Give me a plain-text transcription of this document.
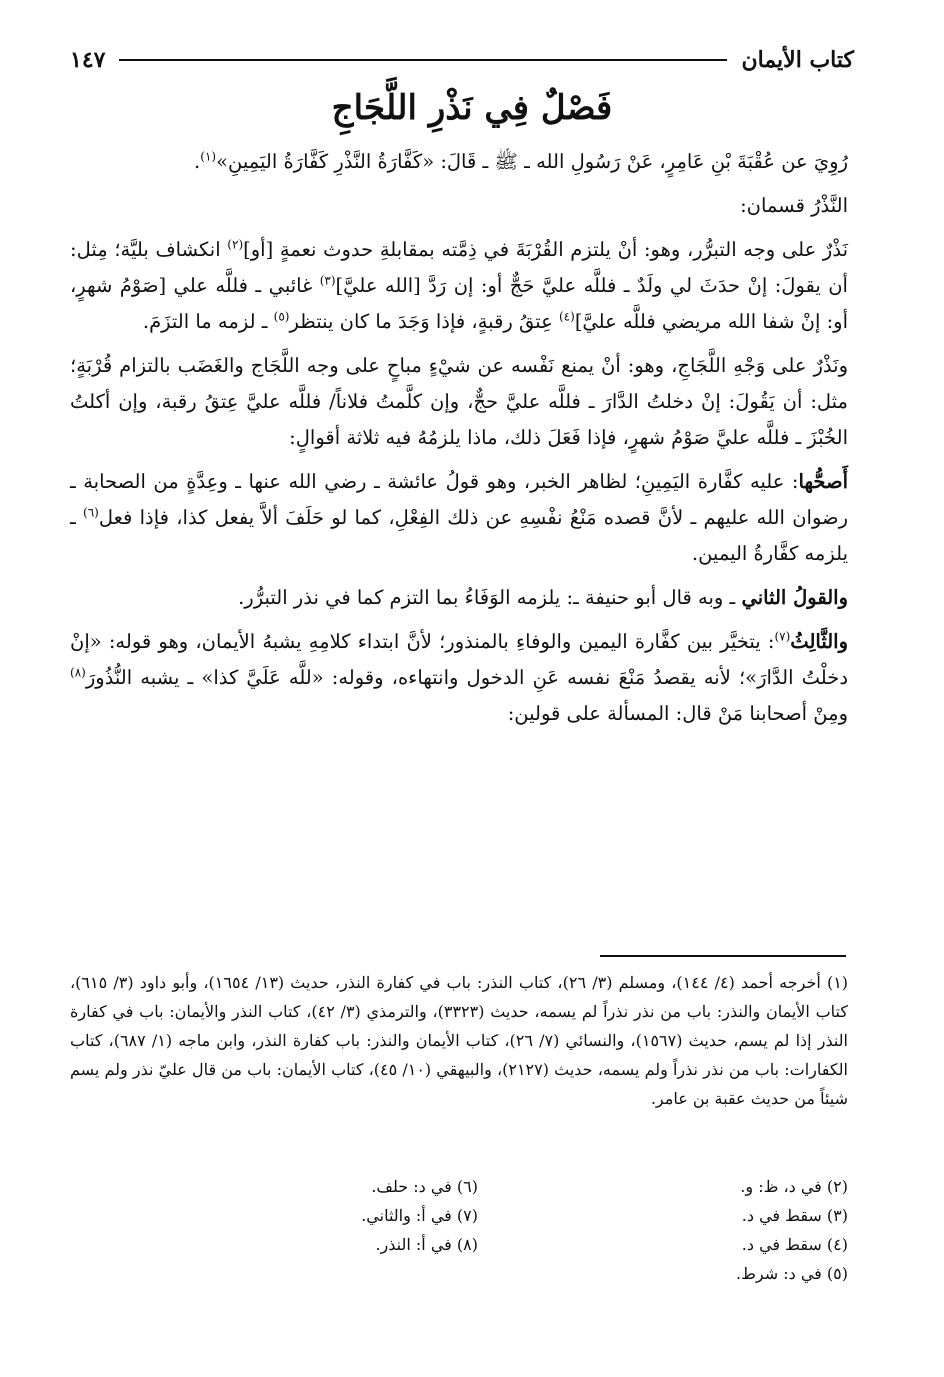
كتاب الأيمان
١٤٧
فَصْلٌ فِي نَذْرِ اللَّجَاجِ

رُوِيَ عن عُقْبَةَ بْنِ عَامِرٍ، عَنْ رَسُولِ الله ـ ﷺ ـ قَالَ: «كَفَّارَةُ النَّذْرِ كَفَّارَةُ اليَمِينِ»$^{(١)}$.

النَّذْرُ قسمان:

نَذْرٌ على وجه التبرُّر، وهو: أنْ يلتزم القُرْبَةَ في ذِمَّته بمقابلةِ حدوث نعمةٍ [أو]$^{(٢)}$ انكشاف بليَّة؛ مِثل: أن يقولَ: إنْ حدَثَ لي ولَدٌ ـ فللَّه عليَّ حَجٌّ أو: إن رَدَّ [الله عليَّ]$^{(٣)}$ غائبي ـ فللَّه علي [صَوْمُ شهرٍ، أو: إنْ شفا الله مريضي فللَّه عليَّ]$^{(٤)}$ عِتقُ رقبةٍ، فإذا وَجَدَ ما كان ينتظر$^{(٥)}$ ـ لزمه ما التزَمَ.

ونَذْرٌ على وَجْهِ اللَّجَاجِ، وهو: أنْ يمنع نَفْسه عن شيْءٍ مباحٍ على وجه اللَّجَاج والغَضَب بالتزام قُرْبَةٍ؛ مثل: أن يَقُولَ: إنْ دخلتُ الدَّارَ ـ فللَّه عليَّ حجٌّ، وإن كلَّمتُ فلاناً/ فللَّه عليَّ عِتقُ رقبة، وإن أكلتُ الخُبْزَ ـ فللَّه عليَّ صَوْمُ شهرٍ، فإذا فَعَلَ ذلك، ماذا يلزمُهُ فيه ثلاثة أقوالٍ:

أَصحُّها: عليه كفَّارة اليَمِينِ؛ لظاهر الخبر، وهو قولُ عائشة ـ رضي الله عنها ـ وعِدَّةٍ من الصحابة ـ رضوان الله عليهم ـ لأنَّ قصده مَنْعُ نفْسِهِ عن ذلك الفِعْلِ، كما لو حَلَفَ ألاَّ يفعل كذا، فإذا فعل$^{(٦)}$ ـ يلزمه كفَّارةُ اليمين.

والقولُ الثاني ـ وبه قال أبو حنيفة ـ: يلزمه الوَفَاءُ بما التزم كما في نذر التبرُّر.

والثَّالِثُ$^{(٧)}$: يتخيَّر بين كفَّارة اليمين والوفاءِ بالمنذور؛ لأنَّ ابتداء كلامِهِ يشبهُ الأيمان، وهو قوله: «إنْ دخلْتُ الدَّارَ»؛ لأنه يقصدُ مَنْعَ نفسه عَنِ الدخول وانتهاءه، وقوله: «للَّه عَلَيَّ كذا» ـ يشبه النُّذُورَ$^{(٨)}$ ومِنْ أصحابنا مَنْ قال: المسألة على قولين:

(١) أخرجه أحمد (٤/ ١٤٤)، ومسلم (٣/ ٢٦)، كتاب النذر: باب في كفارة النذر، حديث (١٣/ ١٦٥٤)، وأبو داود (٣/ ٦١٥)، كتاب الأيمان والنذر: باب من نذر نذراً لم يسمه، حديث (٣٣٢٣)، والترمذي (٣/ ٤٢)، كتاب النذر والأيمان: باب في كفارة النذر إذا لم يسم، حديث (١٥٦٧)، والنسائي (٧/ ٢٦)، كتاب الأيمان والنذر: باب كفارة النذر، وابن ماجه (١/ ٦٨٧)، كتاب الكفارات: باب من نذر نذراً ولم يسمه، حديث (٢١٢٧)، والبيهقي (١٠/ ٤٥)، كتاب الأيمان: باب من قال عليّ نذر ولم يسم شيئاً من حديث عقبة بن عامر.

(٢) في د، ظ: و.
(٣) سقط في د.
(٤) سقط في د.
(٥) في د: شرط.
(٦) في د: حلف.
(٧) في أ: والثاني.
(٨) في أ: النذر.
